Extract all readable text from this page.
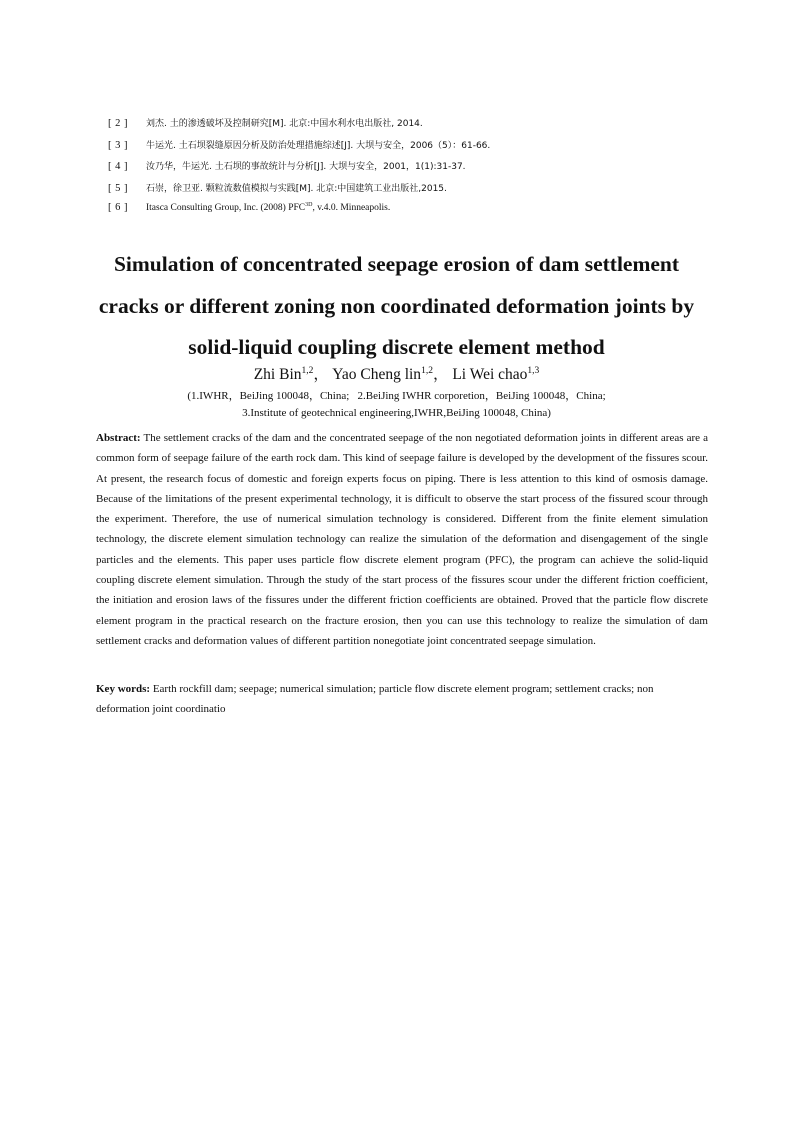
[ 2 ]	刘杰. 土的渗透破坏及控制研究[M]. 北京:中国水利水电出版社, 2014.
[ 3 ]	牛运光. 土石坝裂缝原因分析及防治处理措施综述[J]. 大坝与安全，2006（5）：61-66.
[ 4 ]	汝乃华，牛运光. 土石坝的事故统计与分析[J]. 大坝与安全，2001，1(1):31-37.
[ 5 ]	石崇，徐卫亚. 颗粒流数值模拟与实践[M]. 北京:中国建筑工业出版社,2015.
[ 6 ]	Itasca Consulting Group, Inc. (2008) $PFC^{3D}$, v.4.0. Minneapolis.
Simulation of concentrated seepage erosion of dam settlement
cracks or different zoning non coordinated deformation joints by
solid-liquid coupling discrete element method
Zhi Bin$^{1,2}$， Yao Cheng lin$^{1,2}$， Li Wei chao$^{1,3}$
(1.IWHR，BeiJing 100048，China;   2.BeiJing IWHR corporetion，BeiJing 100048，China;
3.Institute of geotechnical engineering,IWHR,BeiJing 100048, China)
Abstract: The settlement cracks of the dam and the concentrated seepage of the non negotiated deformation joints in different areas are a common form of seepage failure of the earth rock dam. This kind of seepage failure is developed by the development of the fissures scour. At present, the research focus of domestic and foreign experts focus on piping. There is less attention to this kind of osmosis damage. Because of the limitations of the present experimental technology, it is difficult to observe the start process of the fissured scour through the experiment. Therefore, the use of numerical simulation technology is considered. Different from the finite element simulation technology, the discrete element simulation technology can realize the simulation of the deformation and disengagement of the single particles and the elements. This paper uses particle flow discrete element program (PFC), the program can achieve the solid-liquid coupling discrete element simulation. Through the study of the start process of the fissures scour under the different friction coefficient, the initiation and erosion laws of the fissures under the different friction coefficients are obtained. Proved that the particle flow discrete element program in the practical research on the fracture erosion, then you can use this technology to realize the simulation of dam settlement cracks and deformation values of different partition nonegotiate joint concentrated seepage simulation.
Key words: Earth rockfill dam; seepage; numerical simulation; particle flow discrete element program; settlement cracks; non deformation joint coordinatio
